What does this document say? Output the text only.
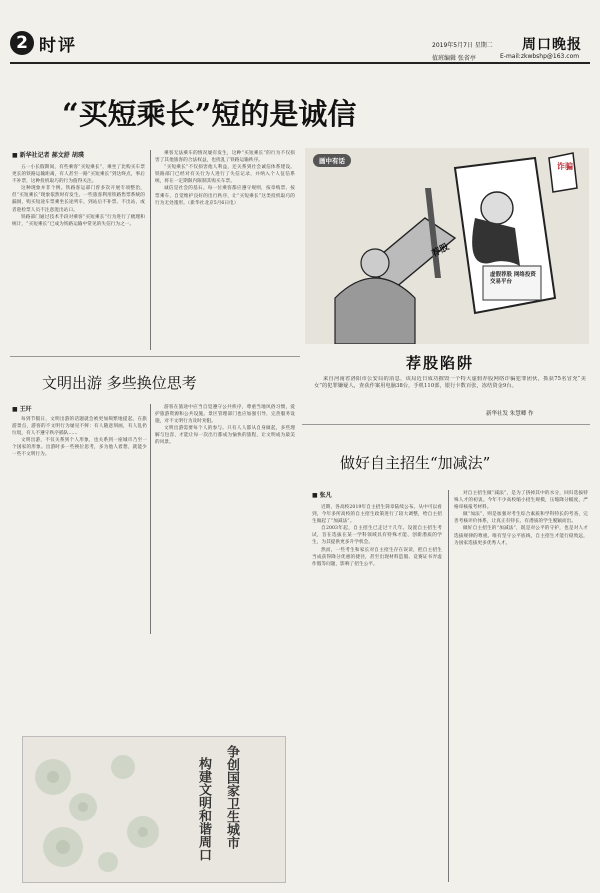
2 时评	2019年5月7日 星期二 周口晚报
值班编辑 张省亭	E-mail:zkwbshp@163.com
“买短乘长”短的是诚信
■ 新华社记者 郝文舒 胡璞

五一小长假期间，有些乘客“买短乘长”，乘坐了比购买车票更长的铁路运输距离，有人甚至一路“买短乘长”到达终点，事后不补票，这种投机取巧的行为值得关注。

这种现象并非个例。铁路客运部门曾多次开展专项整治，但“买短乘长”现象依然时有发生。一些旅客利用铁路售票系统的漏洞，购买短途车票乘坐长途列车，到站后不补票、不出站，或者趁检票人员不注意混出站口。

铁路部门通过技术手段对乘客“买短乘长”行为进行了梳理和统计，“买短乘长”已成为铁路运输中常见的失信行为之一。

乘客无法乘车的情况屡有发生，这种“买短乘长”的行为不仅损害了其他旅客的合法权益，也扰乱了铁路运输秩序。

“买短乘长”不仅损害他人利益，还关系到社会诚信体系建设。铁路部门已经对有关行为人进行了失信记录，并纳入个人征信系统，将在一定期限内限制其购买车票。

诚信是社会的基石。每一位乘客都应遵守规则，按章购票、按票乘车，自觉维护良好的出行秩序，让“买短乘长”这类投机取巧的行为无处遁形。（新华社北京5月6日电）

画中有话
荐股
诈骗
虚假荐股 网络投资 交易平台
荐股陷阱

来自河南省洛阳市公安局的消息，该局近日成功摧毁一个特大虚假荐股网络诈骗犯罪团伙，抓获75名冒充“美女”的犯罪嫌疑人，查获作案用电脑38台，手机110部，银行卡数百张，冻结资金9台。

新华社发 朱慧卿 作
文明出游 多些换位思考
■ 王玕

每到节假日，文明出游的话题就会被更加频繁地提起。在旅游景点，游客的不文明行为屡见不鲜：有人随意刻画，有人乱扔垃圾，有人不遵守秩序插队……

文明出游，不仅关系到个人形象，也关系到一座城市乃至一个国家的形象。出游时多一些换位思考，多为他人着想，就能少一些不文明行为。

游客在旅途中应当自觉遵守公共秩序，尊重当地风俗习惯，爱护旅游资源和公共设施。景区管理部门也应加强引导，完善服务设施，对不文明行为及时劝阻。

文明出游需要每个人的参与。只有人人都从自身做起，多些理解与包容，才能让每一次出行都成为愉快的旅程，让文明成为最美的风景。

做好自主招生“加减法”
■ 张凡

近期，各高校2019年自主招生简章陆续公布。从中可以看到，今年多所高校的自主招生政策进行了较大调整，给自主招生做起了“加减法”。

自2003年起，自主招生已走过十几年。设置自主招生考试，旨在选拔在某一学科领域具有特殊才能、创新潜质的学生，为其提供更多升学机会。

然而，一些考生和家长对自主招生存在误读，把自主招生当成获得降分优惠的捷径，甚至出现材料造假、竞赛证书弄虚作假等问题，影响了招生公平。

对自主招生做“减法”，是为了挤掉其中的水分，回归选拔特殊人才的初衷。今年不少高校缩小招生规模，压缩降分幅度，严格审核报考材料。

做“加法”，则是加强对考生综合素质和学科特长的考查，完善考核评价体系，让真正有特长、有潜质的学生脱颖而出。

做好自主招生的“加减法”，既是对公平的守护，也是对人才选拔规律的尊重。唯有坚守公平底线，自主招生才能行稳致远，为国家选拔更多优秀人才。

争创国家卫生城市
构建文明和谐周口
